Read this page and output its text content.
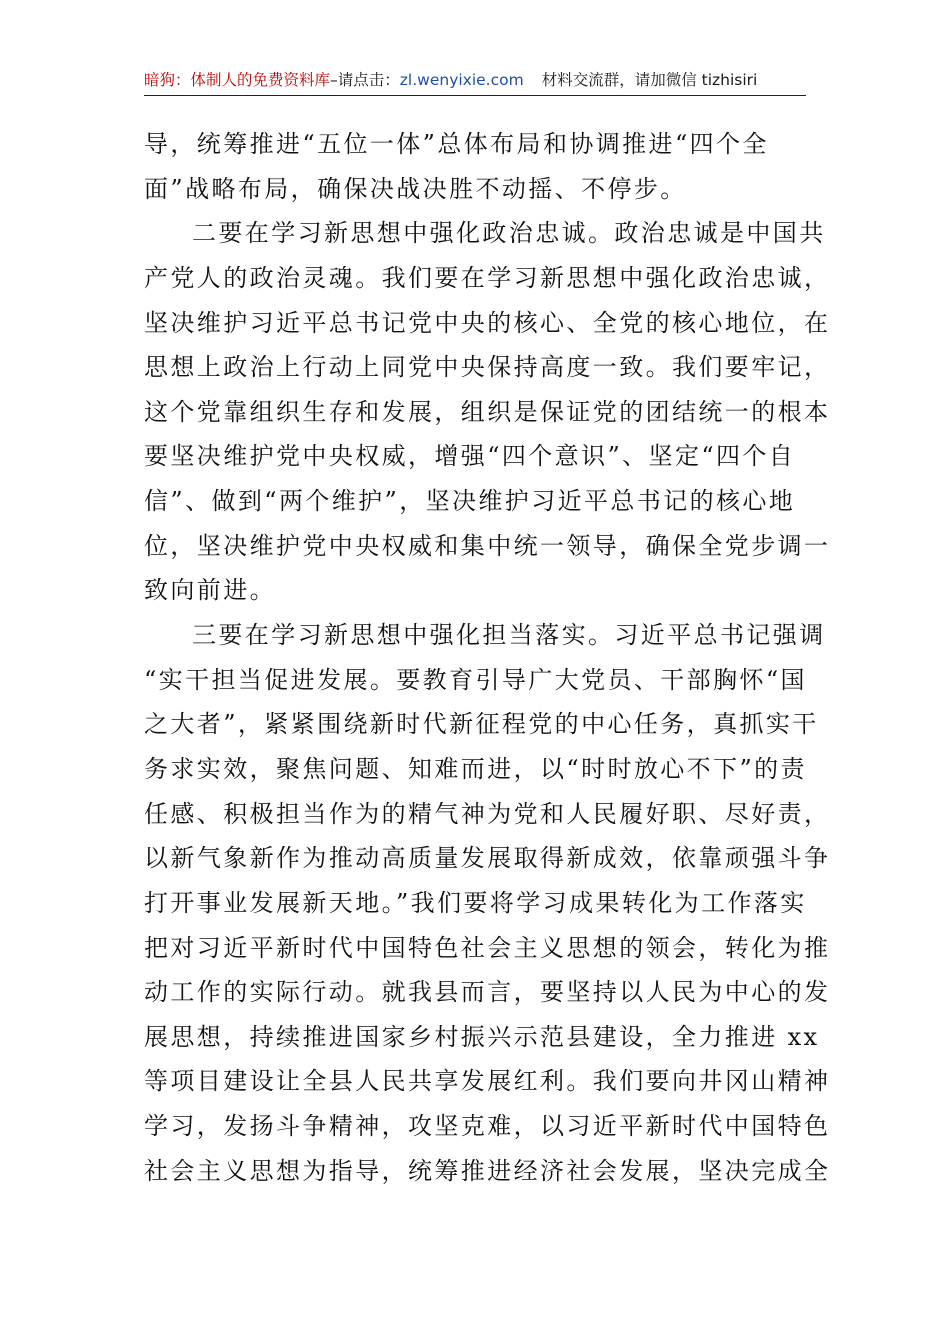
暗狗：体制人的免费资料库–请点击：zl.wenyixie.com 材料交流群，请加微信 tizhisiri
导，统筹推进“五位一体”总体布局和协调推进“四个全
面”战略布局，确保决战决胜不动摇、不停步。
二要在学习新思想中强化政治忠诚。政治忠诚是中国共
产党人的政治灵魂。我们要在学习新思想中强化政治忠诚，
坚决维护习近平总书记党中央的核心、全党的核心地位，在
思想上政治上行动上同党中央保持高度一致。我们要牢记，
这个党靠组织生存和发展，组织是保证党的团结统一的根本
要坚决维护党中央权威，增强“四个意识”、坚定“四个自
信”、做到“两个维护”，坚决维护习近平总书记的核心地
位，坚决维护党中央权威和集中统一领导，确保全党步调一
致向前进。
三要在学习新思想中强化担当落实。习近平总书记强调
“实干担当促进发展。要教育引导广大党员、干部胸怀“国
之大者”，紧紧围绕新时代新征程党的中心任务，真抓实干
务求实效，聚焦问题、知难而进，以“时时放心不下”的责
任感、积极担当作为的精气神为党和人民履好职、尽好责，
以新气象新作为推动高质量发展取得新成效，依靠顽强斗争
打开事业发展新天地。”我们要将学习成果转化为工作落实
把对习近平新时代中国特色社会主义思想的领会，转化为推
动工作的实际行动。就我县而言，要坚持以人民为中心的发
展思想，持续推进国家乡村振兴示范县建设，全力推进 xx
等项目建设让全县人民共享发展红利。我们要向井冈山精神
学习，发扬斗争精神，攻坚克难，以习近平新时代中国特色
社会主义思想为指导，统筹推进经济社会发展，坚决完成全
